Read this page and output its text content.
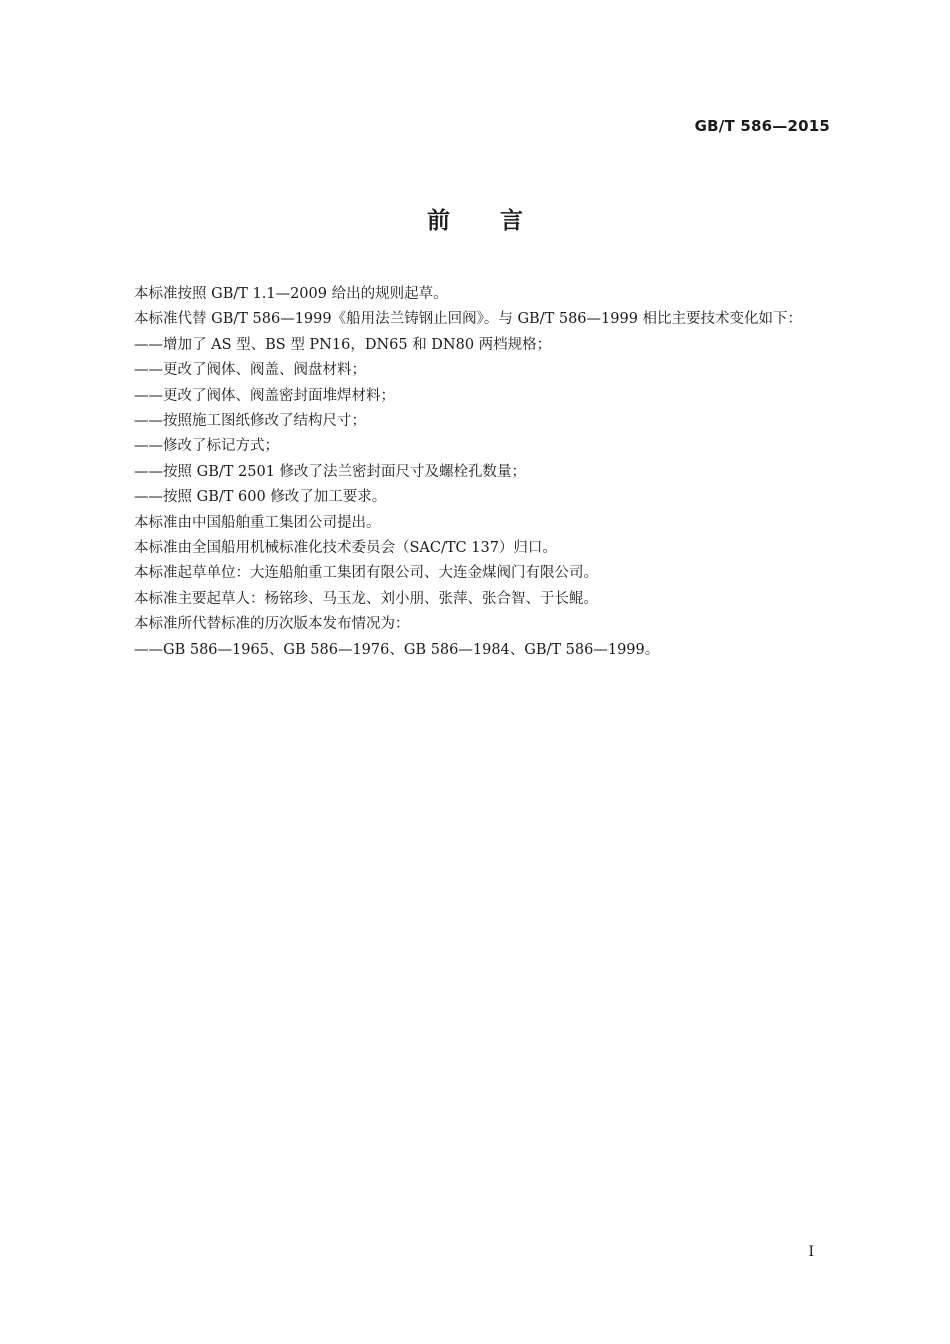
GB/T 586—2015
前言

本标准按照 GB/T 1.1—2009 给出的规则起草。

本标准代替 GB/T 586—1999《船用法兰铸钢止回阀》。与 GB/T 586—1999 相比主要技术变化如下：

——增加了 AS 型、BS 型 PN16，DN65 和 DN80 两档规格；

——更改了阀体、阀盖、阀盘材料；

——更改了阀体、阀盖密封面堆焊材料；

——按照施工图纸修改了结构尺寸；

——修改了标记方式；

——按照 GB/T 2501 修改了法兰密封面尺寸及螺栓孔数量；

——按照 GB/T 600 修改了加工要求。

本标准由中国船舶重工集团公司提出。

本标准由全国船用机械标准化技术委员会（SAC/TC 137）归口。

本标准起草单位：大连船舶重工集团有限公司、大连金煤阀门有限公司。

本标准主要起草人：杨铭珍、马玉龙、刘小朋、张萍、张合智、于长鲲。

本标准所代替标准的历次版本发布情况为：

——GB 586—1965、GB 586—1976、GB 586—1984、GB/T 586—1999。

I
